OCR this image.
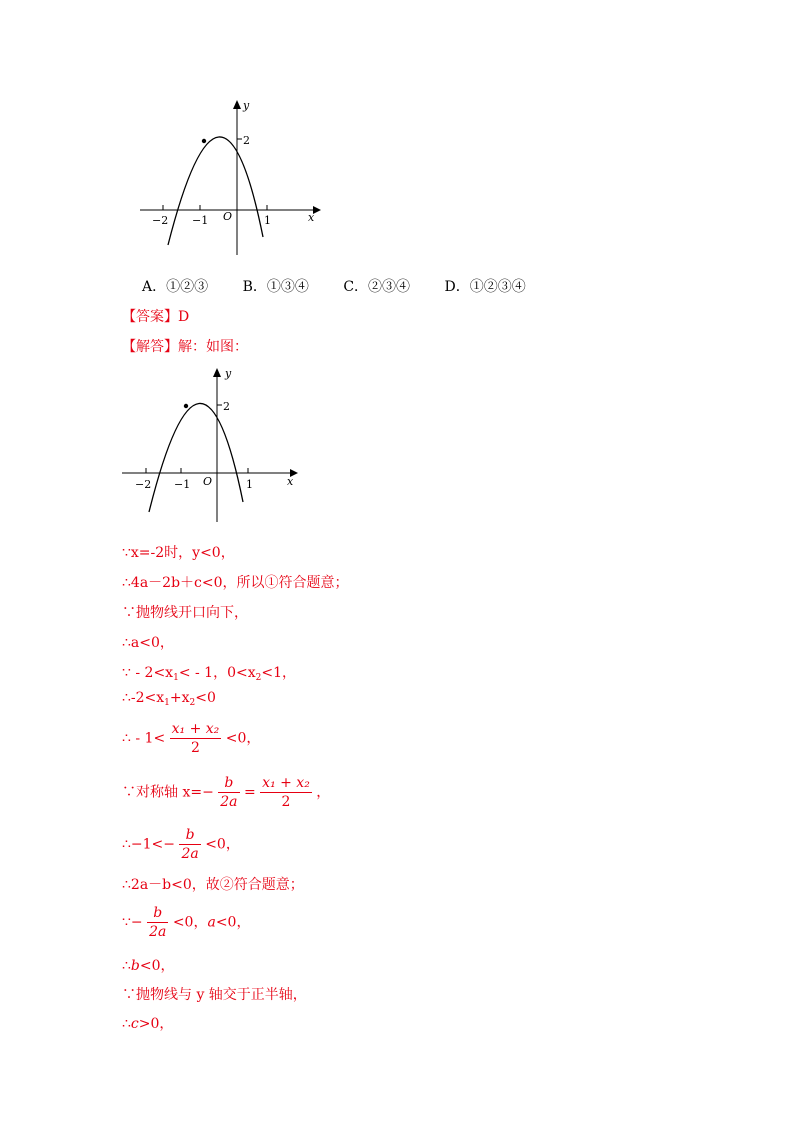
y
2
−2 −1 O	1	x
A．①②③ B．①③④ C．②③④ D．①②③④
【答案】D
【解答】解：如图：
y
2
−2 −1 O	1	x
∵x=-2时，y<0，
∴4a－2b＋c<0，所以①符合题意；
∵抛物线开口向下，
∴a<0，
∵ - $2<x_1< - 1$，$0<x_2<1$，
$\therefore-2<x_1+x_2<0$
∴ - $1< \frac{\text{x₁ + x₂}}{2} <0$，
∵对称轴 $x=- \frac{b}{2a} = \frac{\text{x₁ + x₂}}{2}$ ，
∴−1<− $\frac{b}{2a} <0$，
∴2a－b<0，故②符合题意；
∵− $\frac{b}{2a} <0$，a<0，
∴b<0，
∵抛物线与 y 轴交于正半轴，
∴c>0，
